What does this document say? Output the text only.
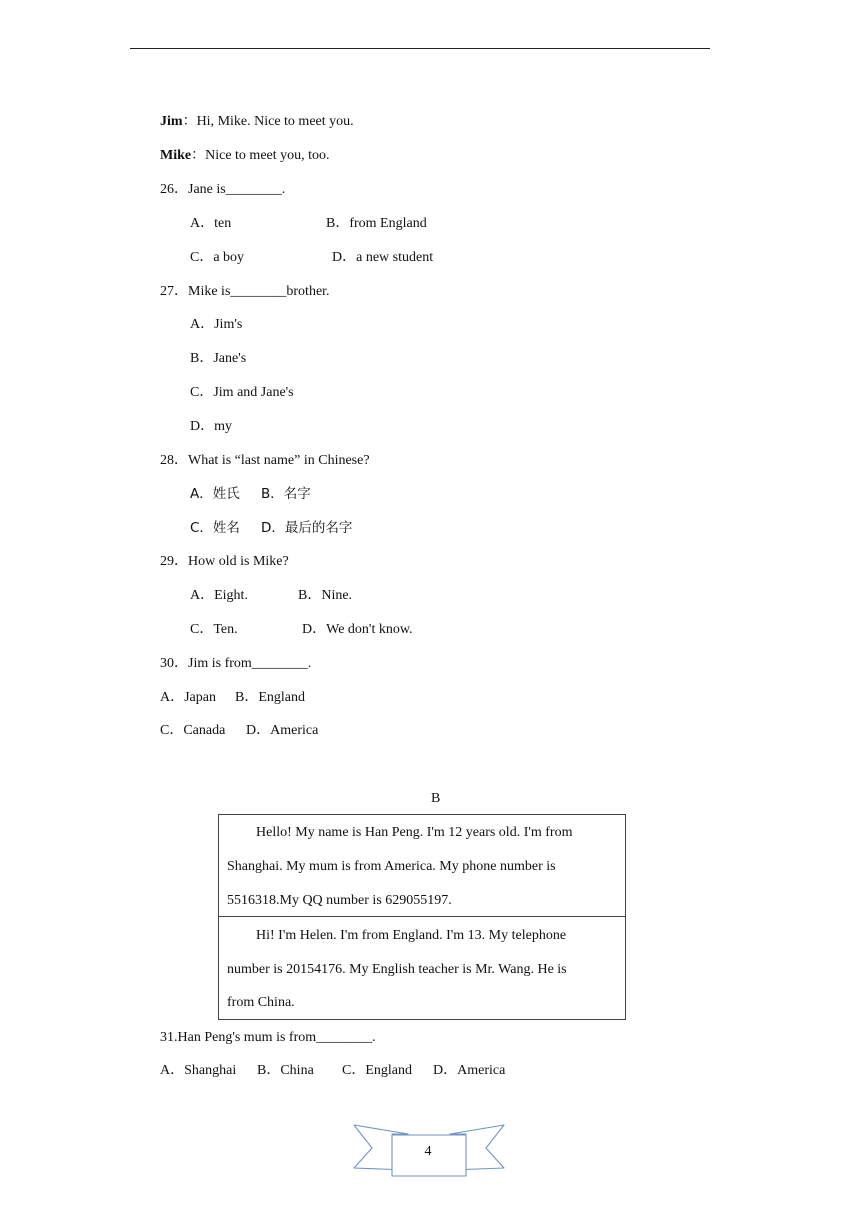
Jim：Hi, Mike. Nice to meet you.
Mike：Nice to meet you, too.
26．Jane is________.
A．ten	B．from England
C．a boy	D．a new student
27．Mike is________brother.
A．Jim's
B．Jane's
C．Jim and Jane's
D．my
28．What is “last name” in Chinese?
A．姓氏 B．名字
C．姓名 D．最后的名字
29．How old is Mike?
A．Eight.	B．Nine.
C．Ten.	D．We don't know.
30．Jim is from________.
A．Japan B．England
C．Canada D．America
B
Hello! My name is Han Peng. I'm 12 years old. I'm from
Shanghai. My mum is from America. My phone number is
5516318.My QQ number is 629055197.
Hi! I'm Helen. I'm from England. I'm 13. My telephone
number is 20154176. My English teacher is Mr. Wang. He is
from China.
31.Han Peng's mum is from________.
A．Shanghai B．China C．England D．America
4
